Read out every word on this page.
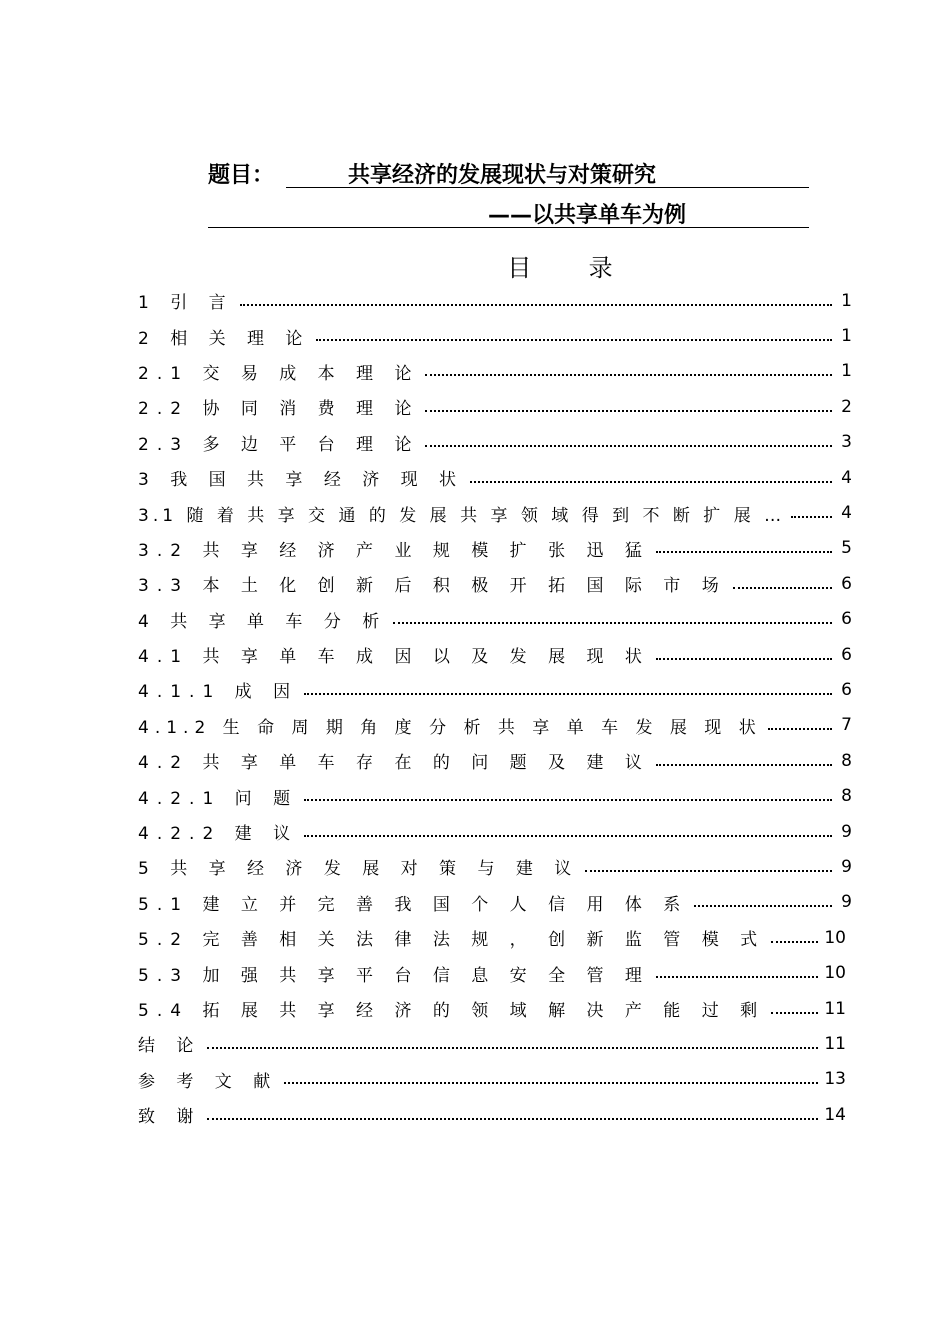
题目：	共享经济的发展现状与对策研究
——以共享单车为例
目 录
1 引 言	1
2 相 关 理 论	1
2.1 交 易 成 本 理 论	1
2.2 协 同 消 费 理 论	2
2.3 多 边 平 台 理 论	3
3 我 国 共 享 经 济 现 状	4
3.1 随 着 共 享 交 通 的 发 展 共 享 领 域 得 到 不 断 扩 展 …	4
3.2 共 享 经 济 产 业 规 模 扩 张 迅 猛	5
3.3 本 土 化 创 新 后 积 极 开 拓 国 际 市 场	6
4 共 享 单 车 分 析	6
4.1 共 享 单 车 成 因 以 及 发 展 现 状	6
4.1.1 成 因	6
4.1.2 生 命 周 期 角 度 分 析 共 享 单 车 发 展 现 状	7
4.2 共 享 单 车 存 在 的 问 题 及 建 议	8
4.2.1 问 题	8
4.2.2 建 议	9
5 共 享 经 济 发 展 对 策 与 建 议	9
5.1 建 立 并 完 善 我 国 个 人 信 用 体 系	9
5.2 完 善 相 关 法 律 法 规 ， 创 新 监 管 模 式	10
5.3 加 强 共 享 平 台 信 息 安 全 管 理	10
5.4 拓 展 共 享 经 济 的 领 域 解 决 产 能 过 剩	11
结 论	11
参 考 文 献	13
致 谢	14
